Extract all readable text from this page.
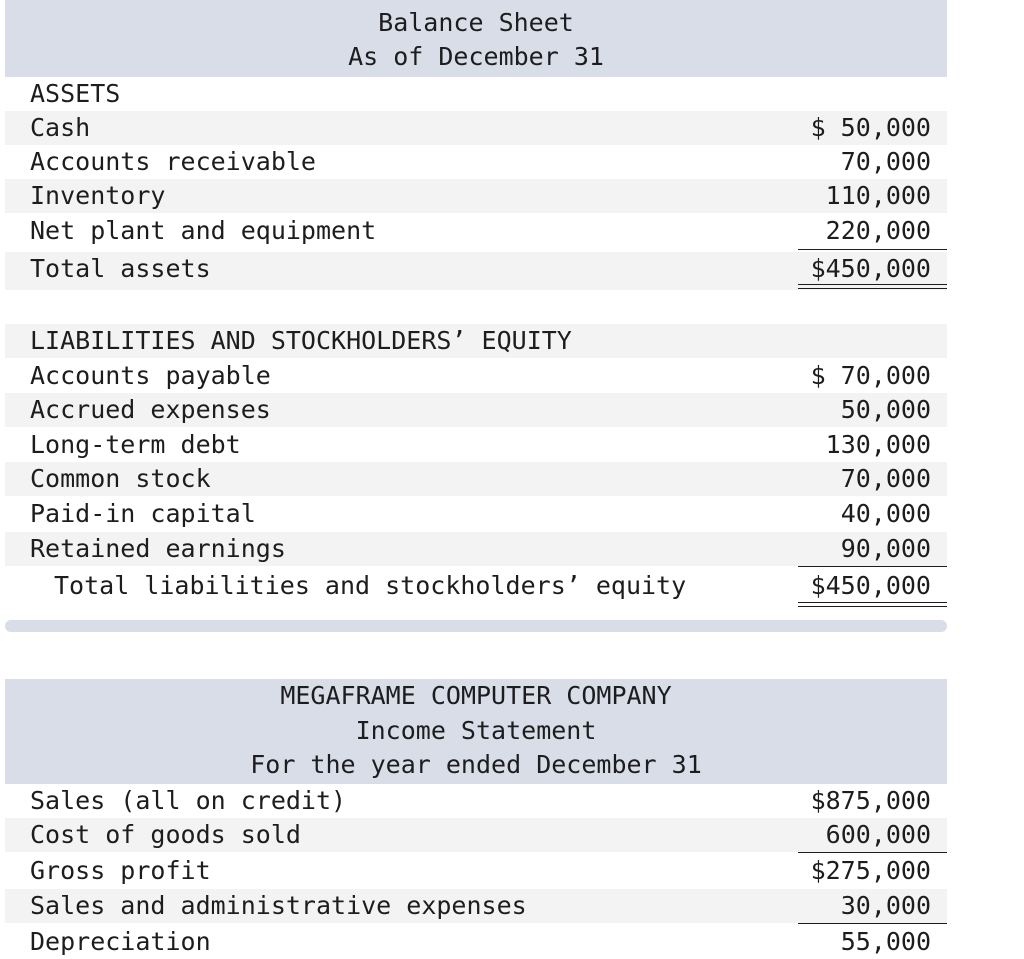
Balance Sheet
As of December 31
ASSETS
Cash	$ 50,000
Accounts receivable	70,000
Inventory	110,000
Net plant and equipment	220,000
Total assets	$450,000
LIABILITIES AND STOCKHOLDERS’ EQUITY
Accounts payable	$ 70,000
Accrued expenses	50,000
Long-term debt	130,000
Common stock	70,000
Paid-in capital	40,000
Retained earnings	90,000
Total liabilities and stockholders’ equity	$450,000
MEGAFRAME COMPUTER COMPANY
Income Statement
For the year ended December 31
Sales (all on credit)	$875,000
Cost of goods sold	600,000
Gross profit	$275,000
Sales and administrative expenses	30,000
Depreciation	55,000
